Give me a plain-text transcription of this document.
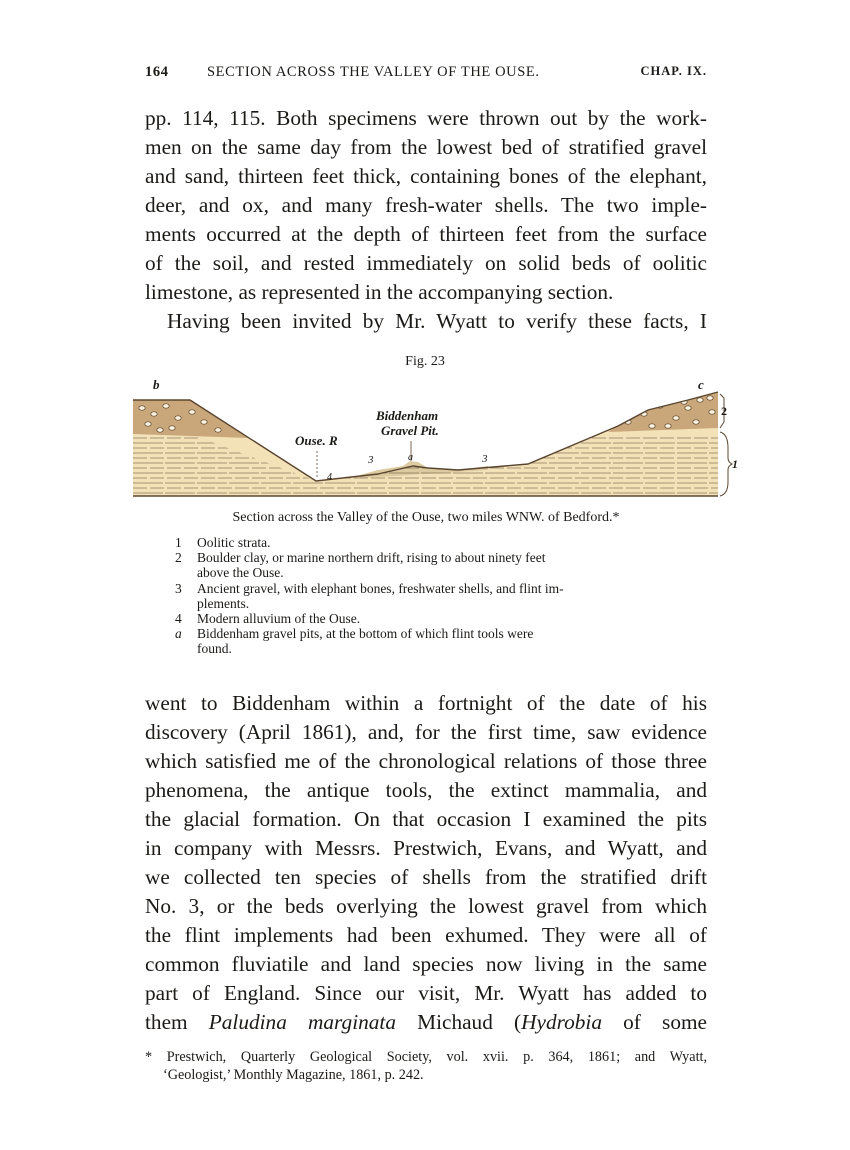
164	SECTION ACROSS THE VALLEY OF THE OUSE.	CHAP. IX.
pp. 114, 115. Both specimens were thrown out by the work-
men on the same day from the lowest bed of stratified gravel
and sand, thirteen feet thick, containing bones of the elephant,
deer, and ox, and many fresh-water shells. The two imple-
ments occurred at the depth of thirteen feet from the surface
of the soil, and rested immediately on solid beds of oolitic
limestone, as represented in the accompanying section.
Having been invited by Mr. Wyatt to verify these facts, I
Fig. 23
b	c
2
1
3	3
4
a
Ouse. R
Biddenham
Gravel Pit.
Section across the Valley of the Ouse, two miles WNW. of Bedford.*
1	Oolitic strata.
2	Boulder clay, or marine northern drift, rising to about ninety feet
above the Ouse.
3	Ancient gravel, with elephant bones, freshwater shells, and flint im-
plements.
4	Modern alluvium of the Ouse.
a	Biddenham gravel pits, at the bottom of which flint tools were
found.
went to Biddenham within a fortnight of the date of his
discovery (April 1861), and, for the first time, saw evidence
which satisfied me of the chronological relations of those three
phenomena, the antique tools, the extinct mammalia, and
the glacial formation. On that occasion I examined the pits
in company with Messrs. Prestwich, Evans, and Wyatt, and
we collected ten species of shells from the stratified drift
No. 3, or the beds overlying the lowest gravel from which
the flint implements had been exhumed. They were all of
common fluviatile and land species now living in the same
part of England. Since our visit, Mr. Wyatt has added to
them Paludina marginata Michaud (Hydrobia of some
* Prestwich, Quarterly Geological Society, vol. xvii. p. 364, 1861; and Wyatt,
‘Geologist,’ Monthly Magazine, 1861, p. 242.
